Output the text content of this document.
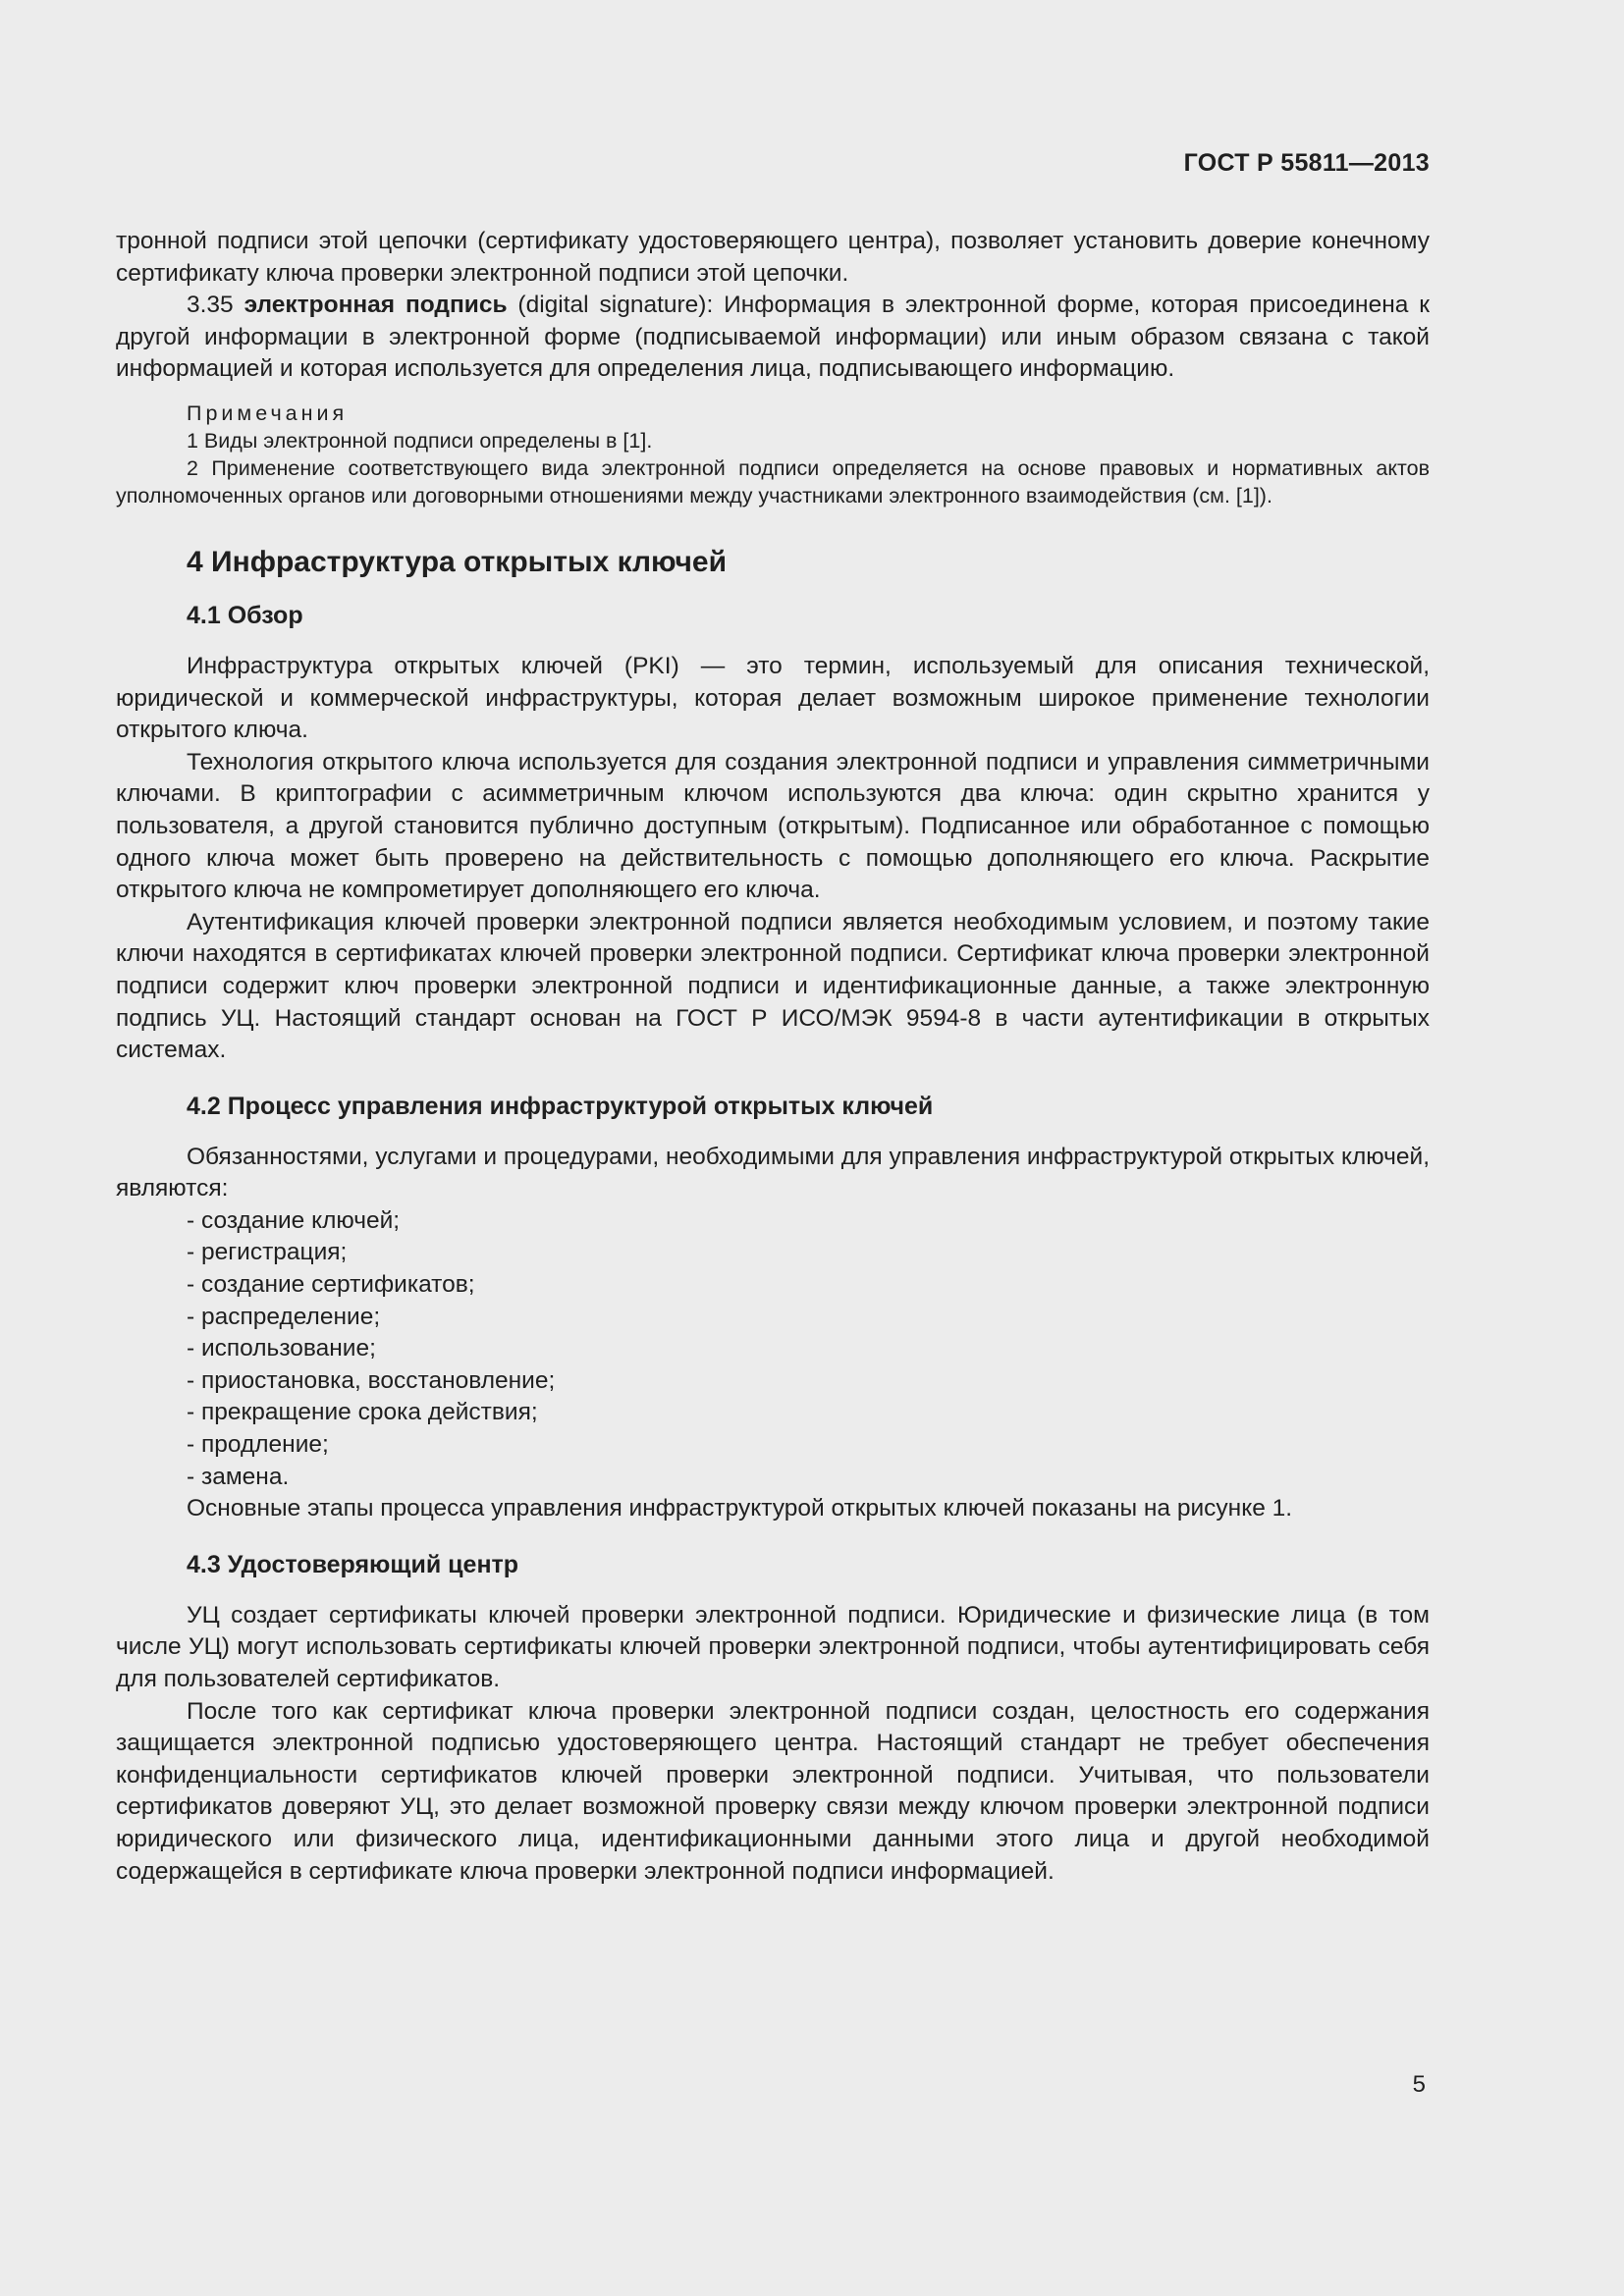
ГОСТ Р 55811—2013

тронной подписи этой цепочки (сертификату удостоверяющего центра), позволяет установить доверие конечному сертификату ключа проверки электронной подписи этой цепочки.

3.35 электронная подпись (digital signature): Информация в электронной форме, которая присоединена к другой информации в электронной форме (подписываемой информации) или иным образом связана с такой информацией и которая используется для определения лица, подписывающего информацию.

Примечания

1 Виды электронной подписи определены в [1].

2 Применение соответствующего вида электронной подписи определяется на основе правовых и нормативных актов уполномоченных органов или договорными отношениями между участниками электронного взаимодействия (см. [1]).

4 Инфраструктура открытых ключей
4.1 Обзор

Инфраструктура открытых ключей (PKI) — это термин, используемый для описания технической, юридической и коммерческой инфраструктуры, которая делает возможным широкое применение технологии открытого ключа.

Технология открытого ключа используется для создания электронной подписи и управления симметричными ключами. В криптографии с асимметричным ключом используются два ключа: один скрытно хранится у пользователя, а другой становится публично доступным (открытым). Подписанное или обработанное с помощью одного ключа может быть проверено на действительность с помощью дополняющего его ключа. Раскрытие открытого ключа не компрометирует дополняющего его ключа.

Аутентификация ключей проверки электронной подписи является необходимым условием, и поэтому такие ключи находятся в сертификатах ключей проверки электронной подписи. Сертификат ключа проверки электронной подписи содержит ключ проверки электронной подписи и идентификационные данные, а также электронную подпись УЦ. Настоящий стандарт основан на ГОСТ Р ИСО/МЭК 9594-8 в части аутентификации в открытых системах.

4.2 Процесс управления инфраструктурой открытых ключей

Обязанностями, услугами и процедурами, необходимыми для управления инфраструктурой открытых ключей, являются:

- создание ключей;
- регистрация;
- создание сертификатов;
- распределение;
- использование;
- приостановка, восстановление;
- прекращение срока действия;
- продление;
- замена.

Основные этапы процесса управления инфраструктурой открытых ключей показаны на рисунке 1.

4.3 Удостоверяющий центр

УЦ создает сертификаты ключей проверки электронной подписи. Юридические и физические лица (в том числе УЦ) могут использовать сертификаты ключей проверки электронной подписи, чтобы аутентифицировать себя для пользователей сертификатов.

После того как сертификат ключа проверки электронной подписи создан, целостность его содержания защищается электронной подписью удостоверяющего центра. Настоящий стандарт не требует обеспечения конфиденциальности сертификатов ключей проверки электронной подписи. Учитывая, что пользователи сертификатов доверяют УЦ, это делает возможной проверку связи между ключом проверки электронной подписи юридического или физического лица, идентификационными данными этого лица и другой необходимой содержащейся в сертификате ключа проверки электронной подписи информацией.

5
